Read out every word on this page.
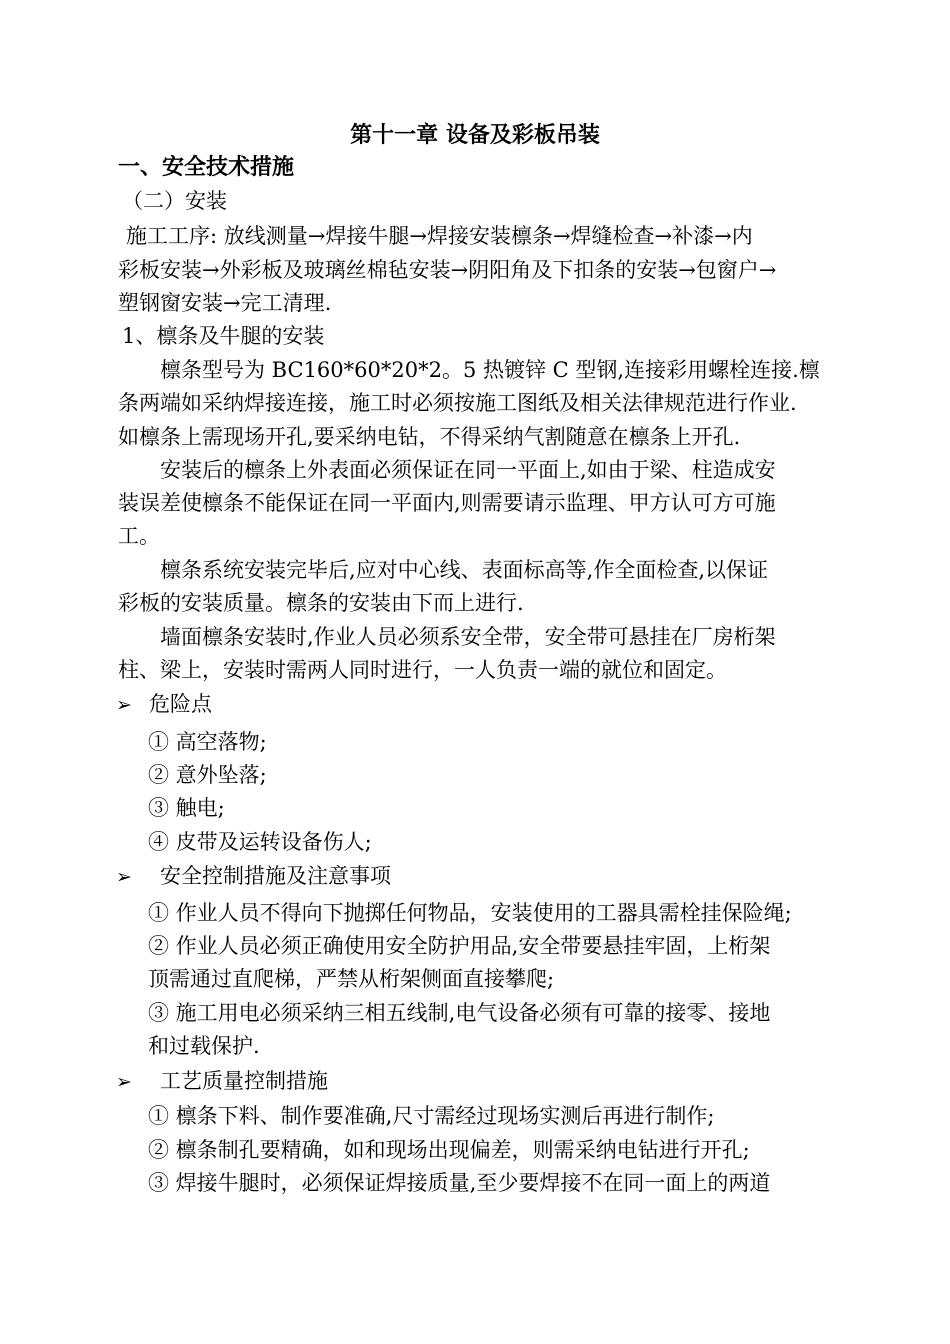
第十一章 设备及彩板吊装
一、安全技术措施
（二）安装
施工工序: 放线测量→焊接牛腿→焊接安装檩条→焊缝检查→补漆→内
彩板安装→外彩板及玻璃丝棉毡安装→阴阳角及下扣条的安装→包窗户→
塑钢窗安装→完工清理.
1、檩条及牛腿的安装
檩条型号为 BC160*60*20*2。5 热镀锌 C 型钢,连接彩用螺栓连接.檩
条两端如采纳焊接连接，施工时必须按施工图纸及相关法律规范进行作业.
如檩条上需现场开孔,要采纳电钻，不得采纳气割随意在檩条上开孔.
安装后的檩条上外表面必须保证在同一平面上,如由于梁、柱造成安
装误差使檩条不能保证在同一平面内,则需要请示监理、甲方认可方可施
工。
檩条系统安装完毕后,应对中心线、表面标高等,作全面检查,以保证
彩板的安装质量。檩条的安装由下而上进行.
墙面檩条安装时,作业人员必须系安全带，安全带可悬挂在厂房桁架
柱、梁上，安装时需两人同时进行，一人负责一端的就位和固定。
➢ 危险点
① 高空落物;
② 意外坠落;
③ 触电;
④ 皮带及运转设备伤人;
➢ 安全控制措施及注意事项
① 作业人员不得向下抛掷任何物品，安装使用的工器具需栓挂保险绳;
② 作业人员必须正确使用安全防护用品,安全带要悬挂牢固，上桁架
顶需通过直爬梯，严禁从桁架侧面直接攀爬;
③ 施工用电必须采纳三相五线制,电气设备必须有可靠的接零、接地
和过载保护.
➢ 工艺质量控制措施
① 檩条下料、制作要准确,尺寸需经过现场实测后再进行制作;
② 檩条制孔要精确，如和现场出现偏差，则需采纳电钻进行开孔;
③ 焊接牛腿时，必须保证焊接质量,至少要焊接不在同一面上的两道
